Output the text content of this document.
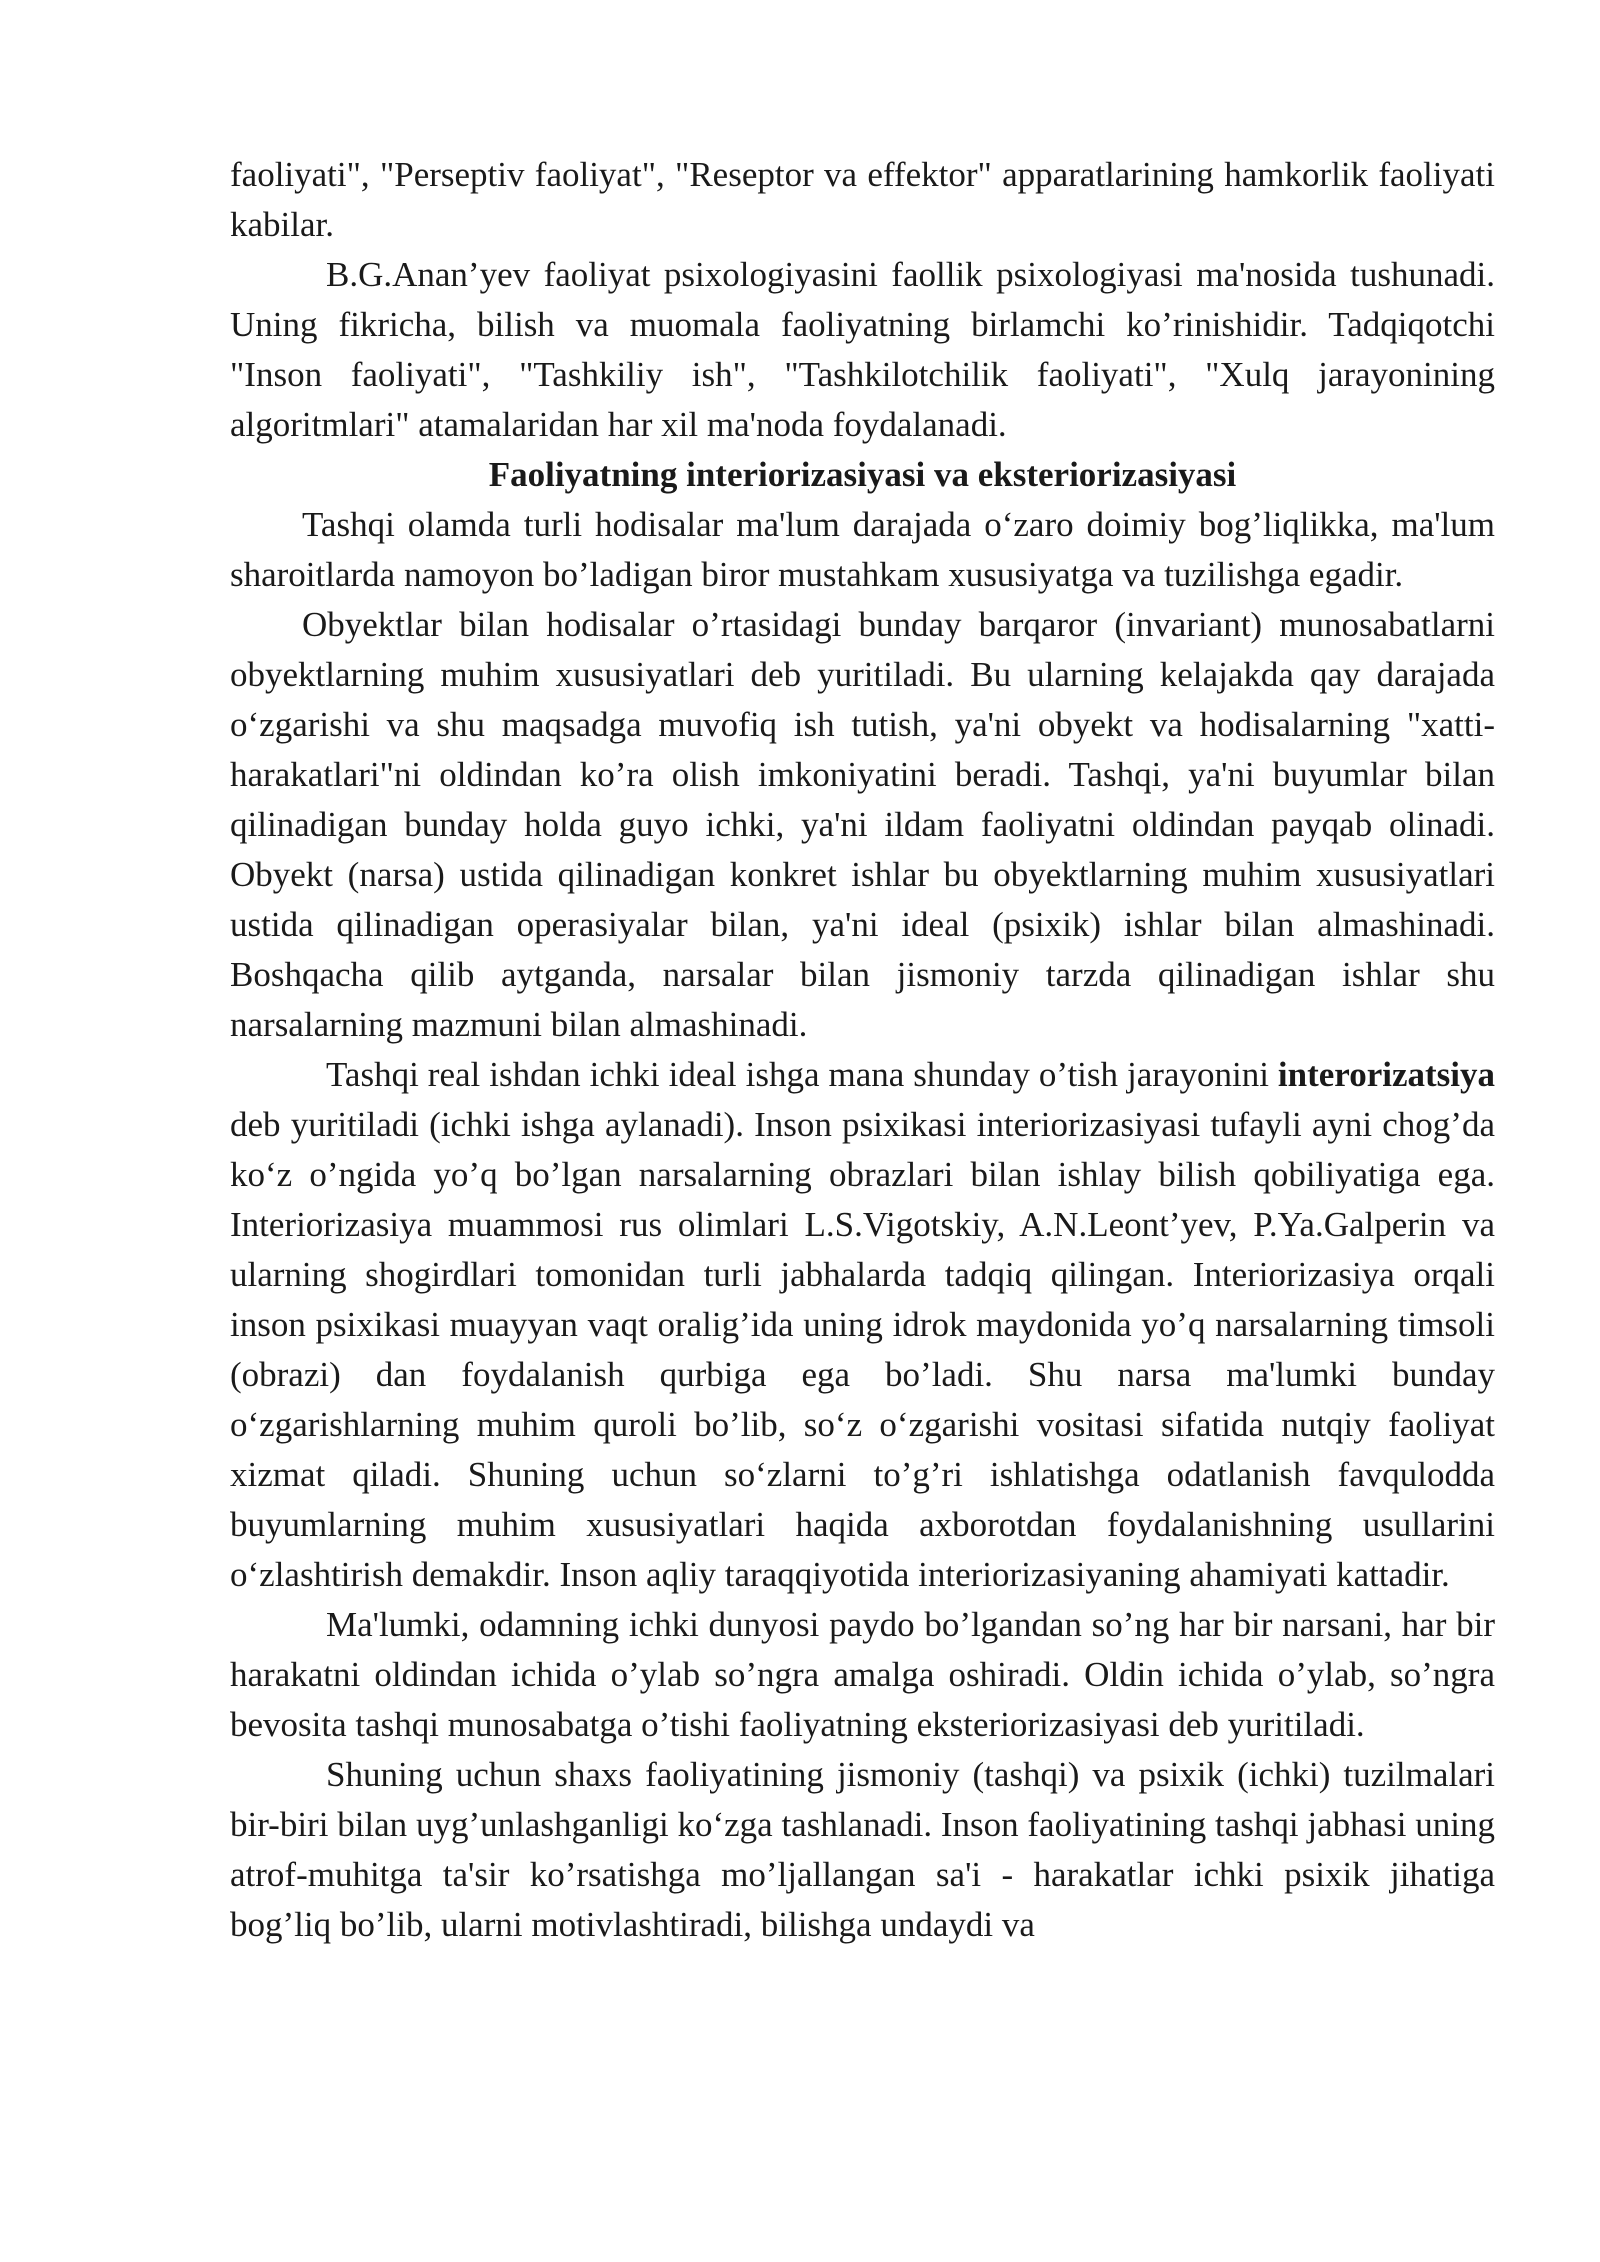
faoliyati", "Perseptiv faoliyat", "Reseptor va effektor" apparatlarining hamkorlik faoliyati kabilar.

B.G.Anan’yev faoliyat psixologiyasini faollik psixologiyasi ma'nosida tushunadi. Uning fikricha, bilish va muomala faoliyatning birlamchi ko’rinishidir. Tadqiqotchi "Inson faoliyati", "Tashkiliy ish", "Tashkilotchilik faoliyati", "Xulq jarayonining algoritmlari" atamalaridan har xil ma'noda foydalanadi.

Faoliyatning interiorizasiyasi va eksteriorizasiyasi

Tashqi olamda turli hodisalar ma'lum darajada o‘zaro doimiy bog’liqlikka, ma'lum sharoitlarda namoyon bo’ladigan biror mustahkam xususiyatga va tuzilishga egadir.

Obyektlar bilan hodisalar o’rtasidagi bunday barqaror (invariant) munosabatlarni obyektlarning muhim xususiyatlari deb yuritiladi. Bu ularning kelajakda qay darajada o‘zgarishi va shu maqsadga muvofiq ish tutish, ya'ni obyekt va hodisalarning "xatti-harakatlari"ni oldindan ko’ra olish imkoniyatini beradi. Tashqi, ya'ni buyumlar bilan qilinadigan bunday holda guyo ichki, ya'ni ildam faoliyatni oldindan payqab olinadi. Obyekt (narsa) ustida qilinadigan konkret ishlar bu obyektlarning muhim xususiyatlari ustida qilinadigan operasiyalar bilan, ya'ni ideal (psixik) ishlar bilan almashinadi. Boshqacha qilib aytganda, narsalar bilan jismoniy tarzda qilinadigan ishlar shu narsalarning mazmuni bilan almashinadi.

Tashqi real ishdan ichki ideal ishga mana shunday o’tish jarayonini interorizatsiya deb yuritiladi (ichki ishga aylanadi). Inson psixikasi interiorizasiyasi tufayli ayni chog’da ko‘z o’ngida yo’q bo’lgan narsalarning obrazlari bilan ishlay bilish qobiliyatiga ega. Interiorizasiya muammosi rus olimlari L.S.Vigotskiy, A.N.Leont’yev, P.Ya.Galperin va ularning shogirdlari tomonidan turli jabhalarda tadqiq qilingan. Interiorizasiya orqali inson psixikasi muayyan vaqt oralig’ida uning idrok maydonida yo’q narsalarning timsoli (obrazi) dan foydalanish qurbiga ega bo’ladi. Shu narsa ma'lumki bunday o‘zgarishlarning muhim quroli bo’lib, so‘z o‘zgarishi vositasi sifatida nutqiy faoliyat xizmat qiladi. Shuning uchun so‘zlarni to’g’ri ishlatishga odatlanish favqulodda buyumlarning muhim xususiyatlari haqida axborotdan foydalanishning usullarini o‘zlashtirish demakdir. Inson aqliy taraqqiyotida interiorizasiyaning ahamiyati kattadir.

Ma'lumki, odamning ichki dunyosi paydo bo’lgandan so’ng har bir narsani, har bir harakatni oldindan ichida o’ylab so’ngra amalga oshiradi. Oldin ichida o’ylab, so’ngra bevosita tashqi munosabatga o’tishi faoliyatning eksteriorizasiyasi deb yuritiladi.

Shuning uchun shaxs faoliyatining jismoniy (tashqi) va psixik (ichki) tuzilmalari bir-biri bilan uyg’unlashganligi ko‘zga tashlanadi. Inson faoliyatining tashqi jabhasi uning atrof-muhitga ta'sir ko’rsatishga mo’ljallangan sa'i - harakatlar ichki psixik jihatiga bog’liq bo’lib, ularni motivlashtiradi, bilishga undaydi va
